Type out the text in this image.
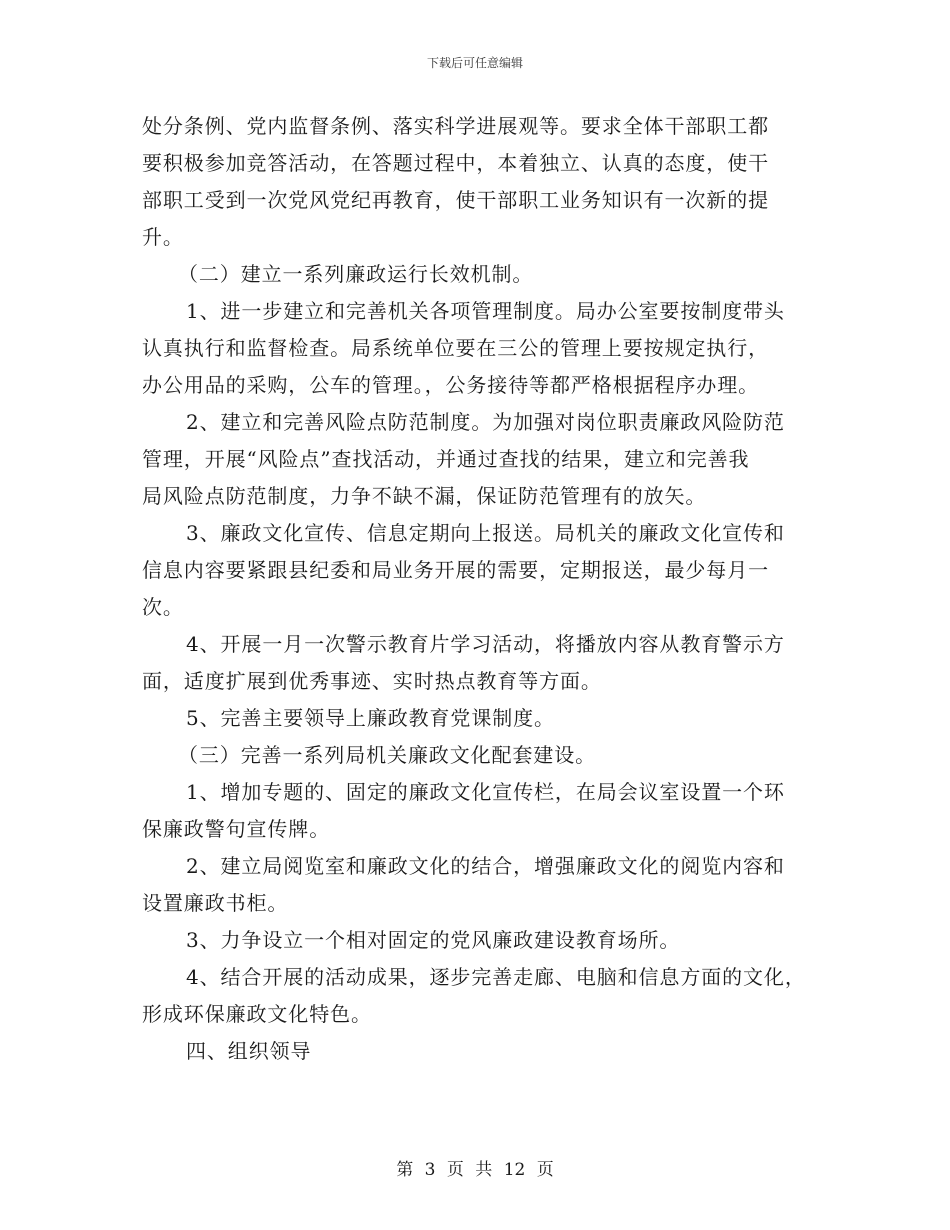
下载后可任意编辑
处分条例、党内监督条例、落实科学进展观等。要求全体干部职工都
要积极参加竞答活动，在答题过程中，本着独立、认真的态度，使干
部职工受到一次党风党纪再教育，使干部职工业务知识有一次新的提
升。
（二）建立一系列廉政运行长效机制。
1、进一步建立和完善机关各项管理制度。局办公室要按制度带头
认真执行和监督检查。局系统单位要在三公的管理上要按规定执行，
办公用品的采购，公车的管理。，公务接待等都严格根据程序办理。
2、建立和完善风险点防范制度。为加强对岗位职责廉政风险防范
管理，开展“风险点”查找活动，并通过查找的结果，建立和完善我
局风险点防范制度，力争不缺不漏，保证防范管理有的放矢。
3、廉政文化宣传、信息定期向上报送。局机关的廉政文化宣传和
信息内容要紧跟县纪委和局业务开展的需要，定期报送，最少每月一
次。
4、开展一月一次警示教育片学习活动，将播放内容从教育警示方
面，适度扩展到优秀事迹、实时热点教育等方面。
5、完善主要领导上廉政教育党课制度。
（三）完善一系列局机关廉政文化配套建设。
1、增加专题的、固定的廉政文化宣传栏，在局会议室设置一个环
保廉政警句宣传牌。
2、建立局阅览室和廉政文化的结合，增强廉政文化的阅览内容和
设置廉政书柜。
3、力争设立一个相对固定的党风廉政建设教育场所。
4、结合开展的活动成果，逐步完善走廊、电脑和信息方面的文化，
形成环保廉政文化特色。
四、组织领导
第 3 页 共 12 页
